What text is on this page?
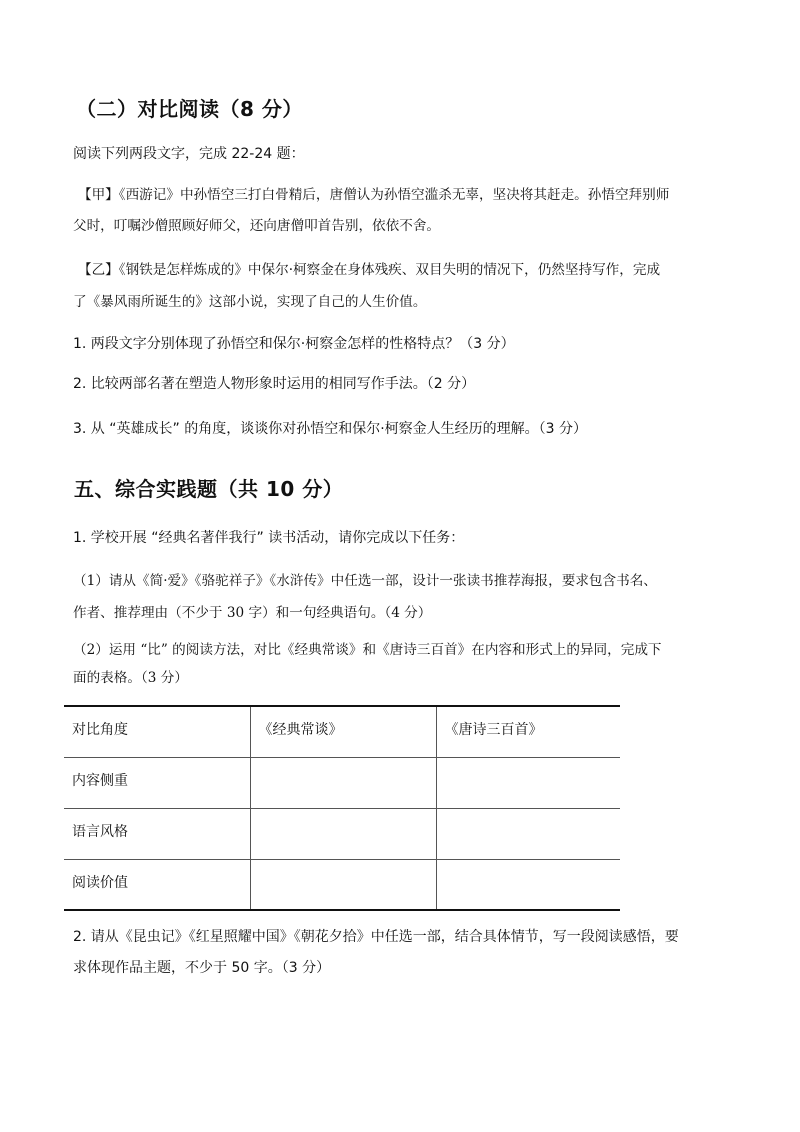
（二）对比阅读（8 分）
阅读下列两段文字，完成 22-24 题：
【甲】《西游记》中孙悟空三打白骨精后，唐僧认为孙悟空滥杀无辜，坚决将其赶走。孙悟空拜别师
父时，叮嘱沙僧照顾好师父，还向唐僧叩首告别，依依不舍。
【乙】《钢铁是怎样炼成的》中保尔·柯察金在身体残疾、双目失明的情况下，仍然坚持写作，完成
了《暴风雨所诞生的》这部小说，实现了自己的人生价值。
1. 两段文字分别体现了孙悟空和保尔·柯察金怎样的性格特点？（3 分）
2. 比较两部名著在塑造人物形象时运用的相同写作手法。（2 分）
3. 从 “英雄成长” 的角度，谈谈你对孙悟空和保尔·柯察金人生经历的理解。（3 分）
五、综合实践题（共 10 分）
1. 学校开展 “经典名著伴我行” 读书活动，请你完成以下任务：
（1）请从《简·爱》《骆驼祥子》《水浒传》中任选一部，设计一张读书推荐海报，要求包含书名、
作者、推荐理由（不少于 30 字）和一句经典语句。（4 分）
（2）运用 “比” 的阅读方法，对比《经典常谈》和《唐诗三百首》在内容和形式上的异同，完成下
面的表格。（3 分）
对比角度	《经典常谈》	《唐诗三百首》
内容侧重		
语言风格		
阅读价值		
2. 请从《昆虫记》《红星照耀中国》《朝花夕拾》中任选一部，结合具体情节，写一段阅读感悟，要
求体现作品主题，不少于 50 字。（3 分）
